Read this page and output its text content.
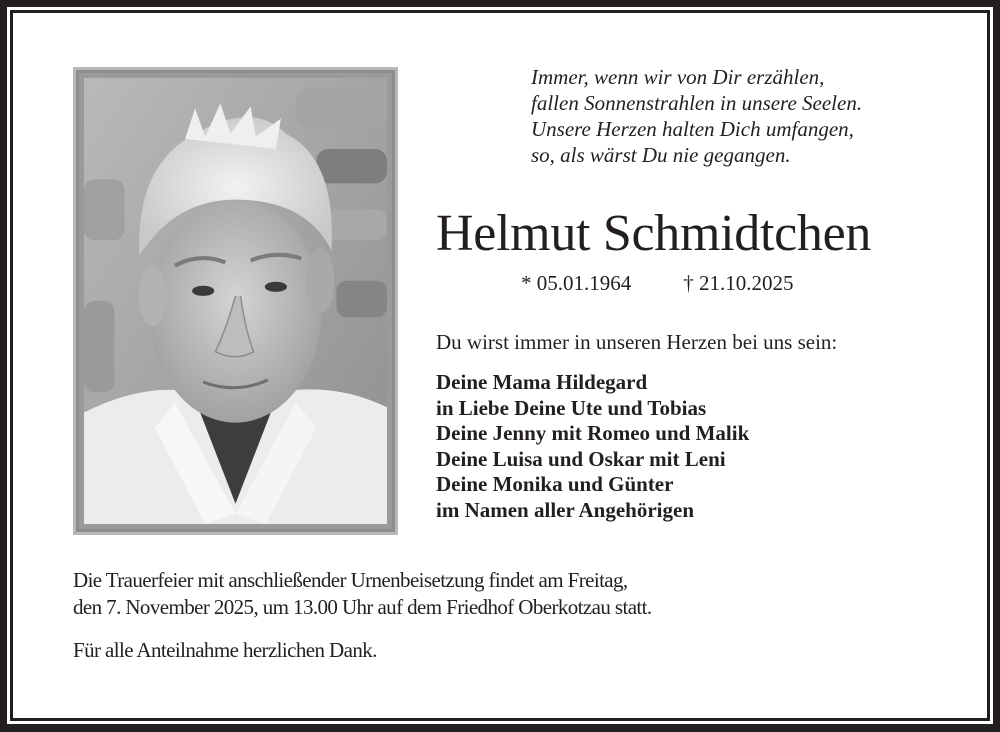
Immer, wenn wir von Dir erzählen,
fallen Sonnenstrahlen in unsere Seelen.
Unsere Herzen halten Dich umfangen,
so, als wärst Du nie gegangen.
Helmut Schmidtchen
* 05.01.1964 † 21.10.2025
Du wirst immer in unseren Herzen bei uns sein:
Deine Mama Hildegard
in Liebe Deine Ute und Tobias
Deine Jenny mit Romeo und Malik
Deine Luisa und Oskar mit Leni
Deine Monika und Günter
im Namen aller Angehörigen
Die Trauerfeier mit anschließender Urnenbeisetzung findet am Freitag,
den 7. November 2025, um 13.00 Uhr auf dem Friedhof Oberkotzau statt.
Für alle Anteilnahme herzlichen Dank.
